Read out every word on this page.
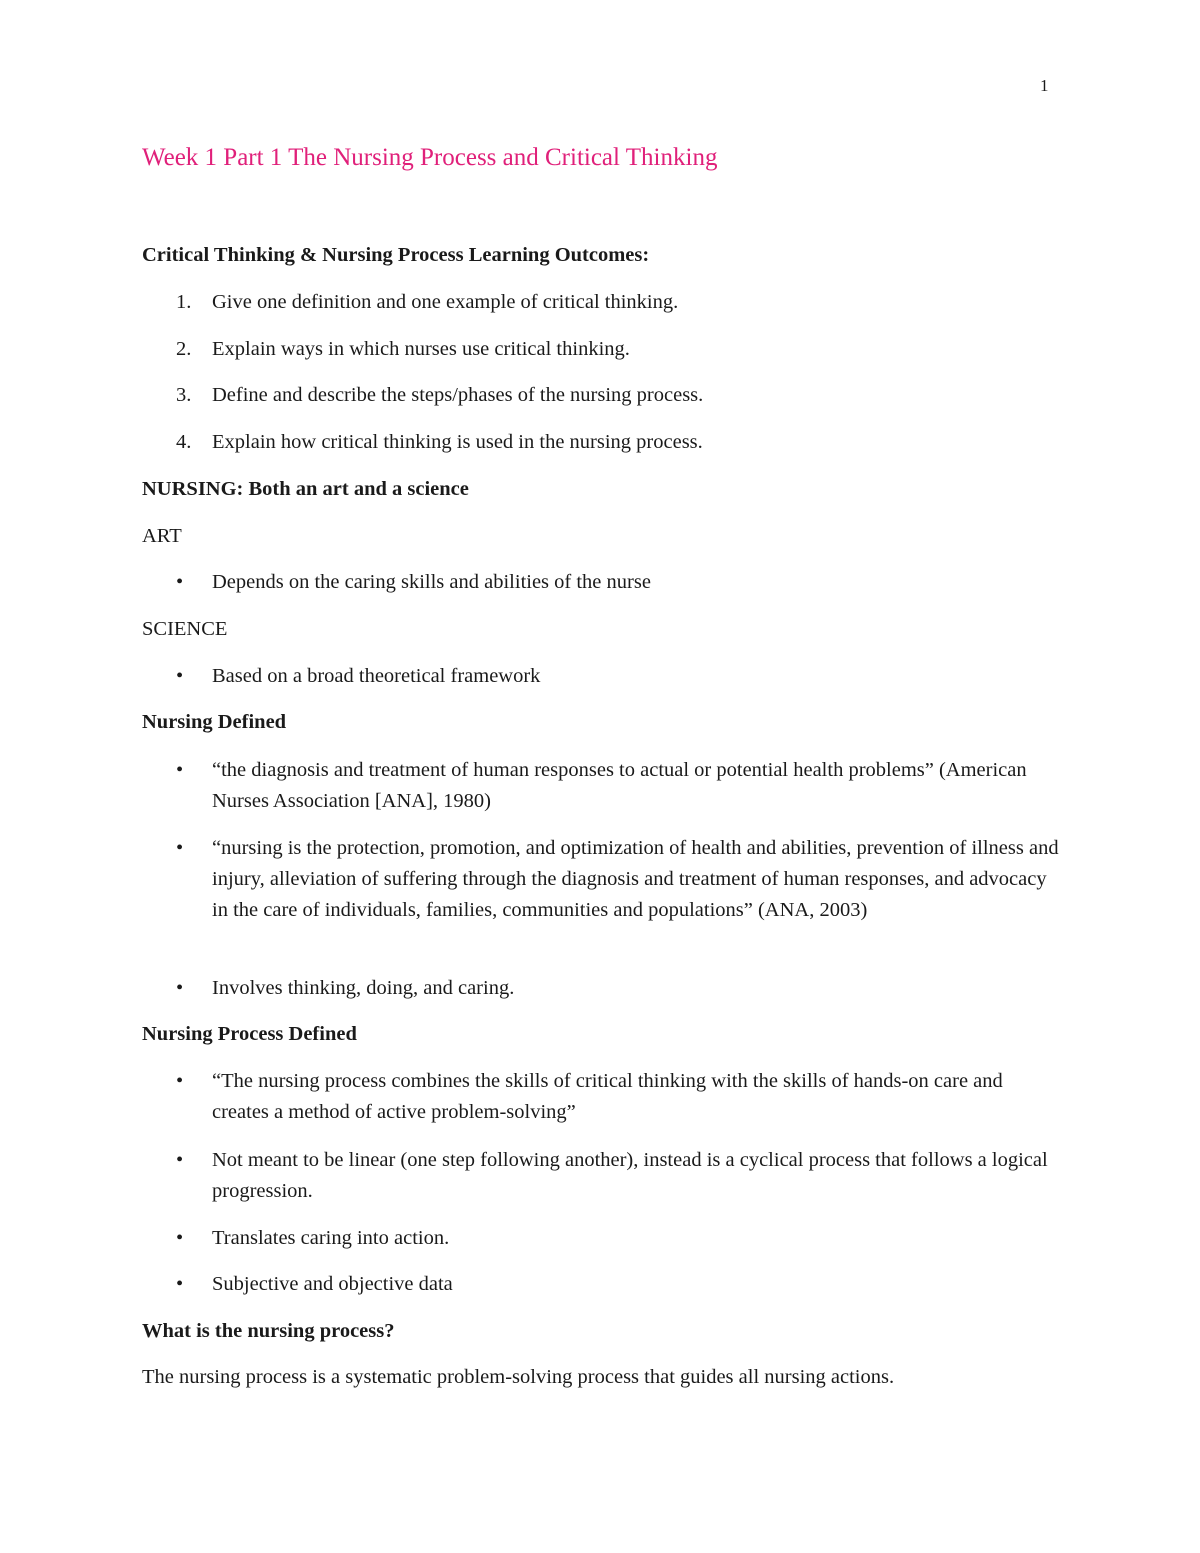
1
Week 1 Part 1 The Nursing Process and Critical Thinking

Critical Thinking & Nursing Process Learning Outcomes:

1. Give one definition and one example of critical thinking.
2. Explain ways in which nurses use critical thinking.
3. Define and describe the steps/phases of the nursing process.
4. Explain how critical thinking is used in the nursing process.

NURSING: Both an art and a science

ART

• Depends on the caring skills and abilities of the nurse

SCIENCE

• Based on a broad theoretical framework

Nursing Defined

• “the diagnosis and treatment of human responses to actual or potential health problems” (American Nurses Association [ANA], 1980)
• “nursing is the protection, promotion, and optimization of health and abilities, prevention of illness and injury, alleviation of suffering through the diagnosis and treatment of human responses, and advocacy in the care of individuals, families, communities and populations” (ANA, 2003)
• Involves thinking, doing, and caring.

Nursing Process Defined

• “The nursing process combines the skills of critical thinking with the skills of hands-on care and creates a method of active problem-solving”
• Not meant to be linear (one step following another), instead is a cyclical process that follows a logical progression.
• Translates caring into action.
• Subjective and objective data

What is the nursing process?

The nursing process is a systematic problem-solving process that guides all nursing actions.
